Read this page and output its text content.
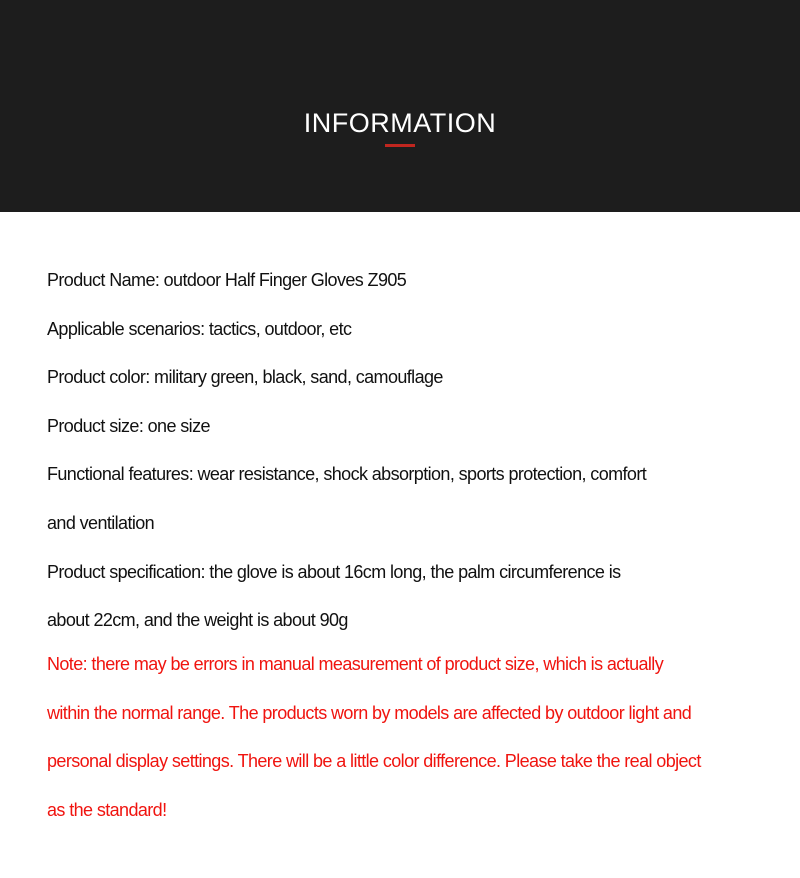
INFORMATION
Product Name: outdoor Half Finger Gloves Z905
Applicable scenarios: tactics, outdoor, etc
Product color: military green, black, sand, camouflage
Product size: one size
Functional features: wear resistance, shock absorption, sports protection, comfort
and ventilation
Product specification: the glove is about 16cm long, the palm circumference is
about 22cm, and the weight is about 90g
Note: there may be errors in manual measurement of product size, which is actually
within the normal range. The products worn by models are affected by outdoor light and
personal display settings. There will be a little color difference. Please take the real object
as the standard!
